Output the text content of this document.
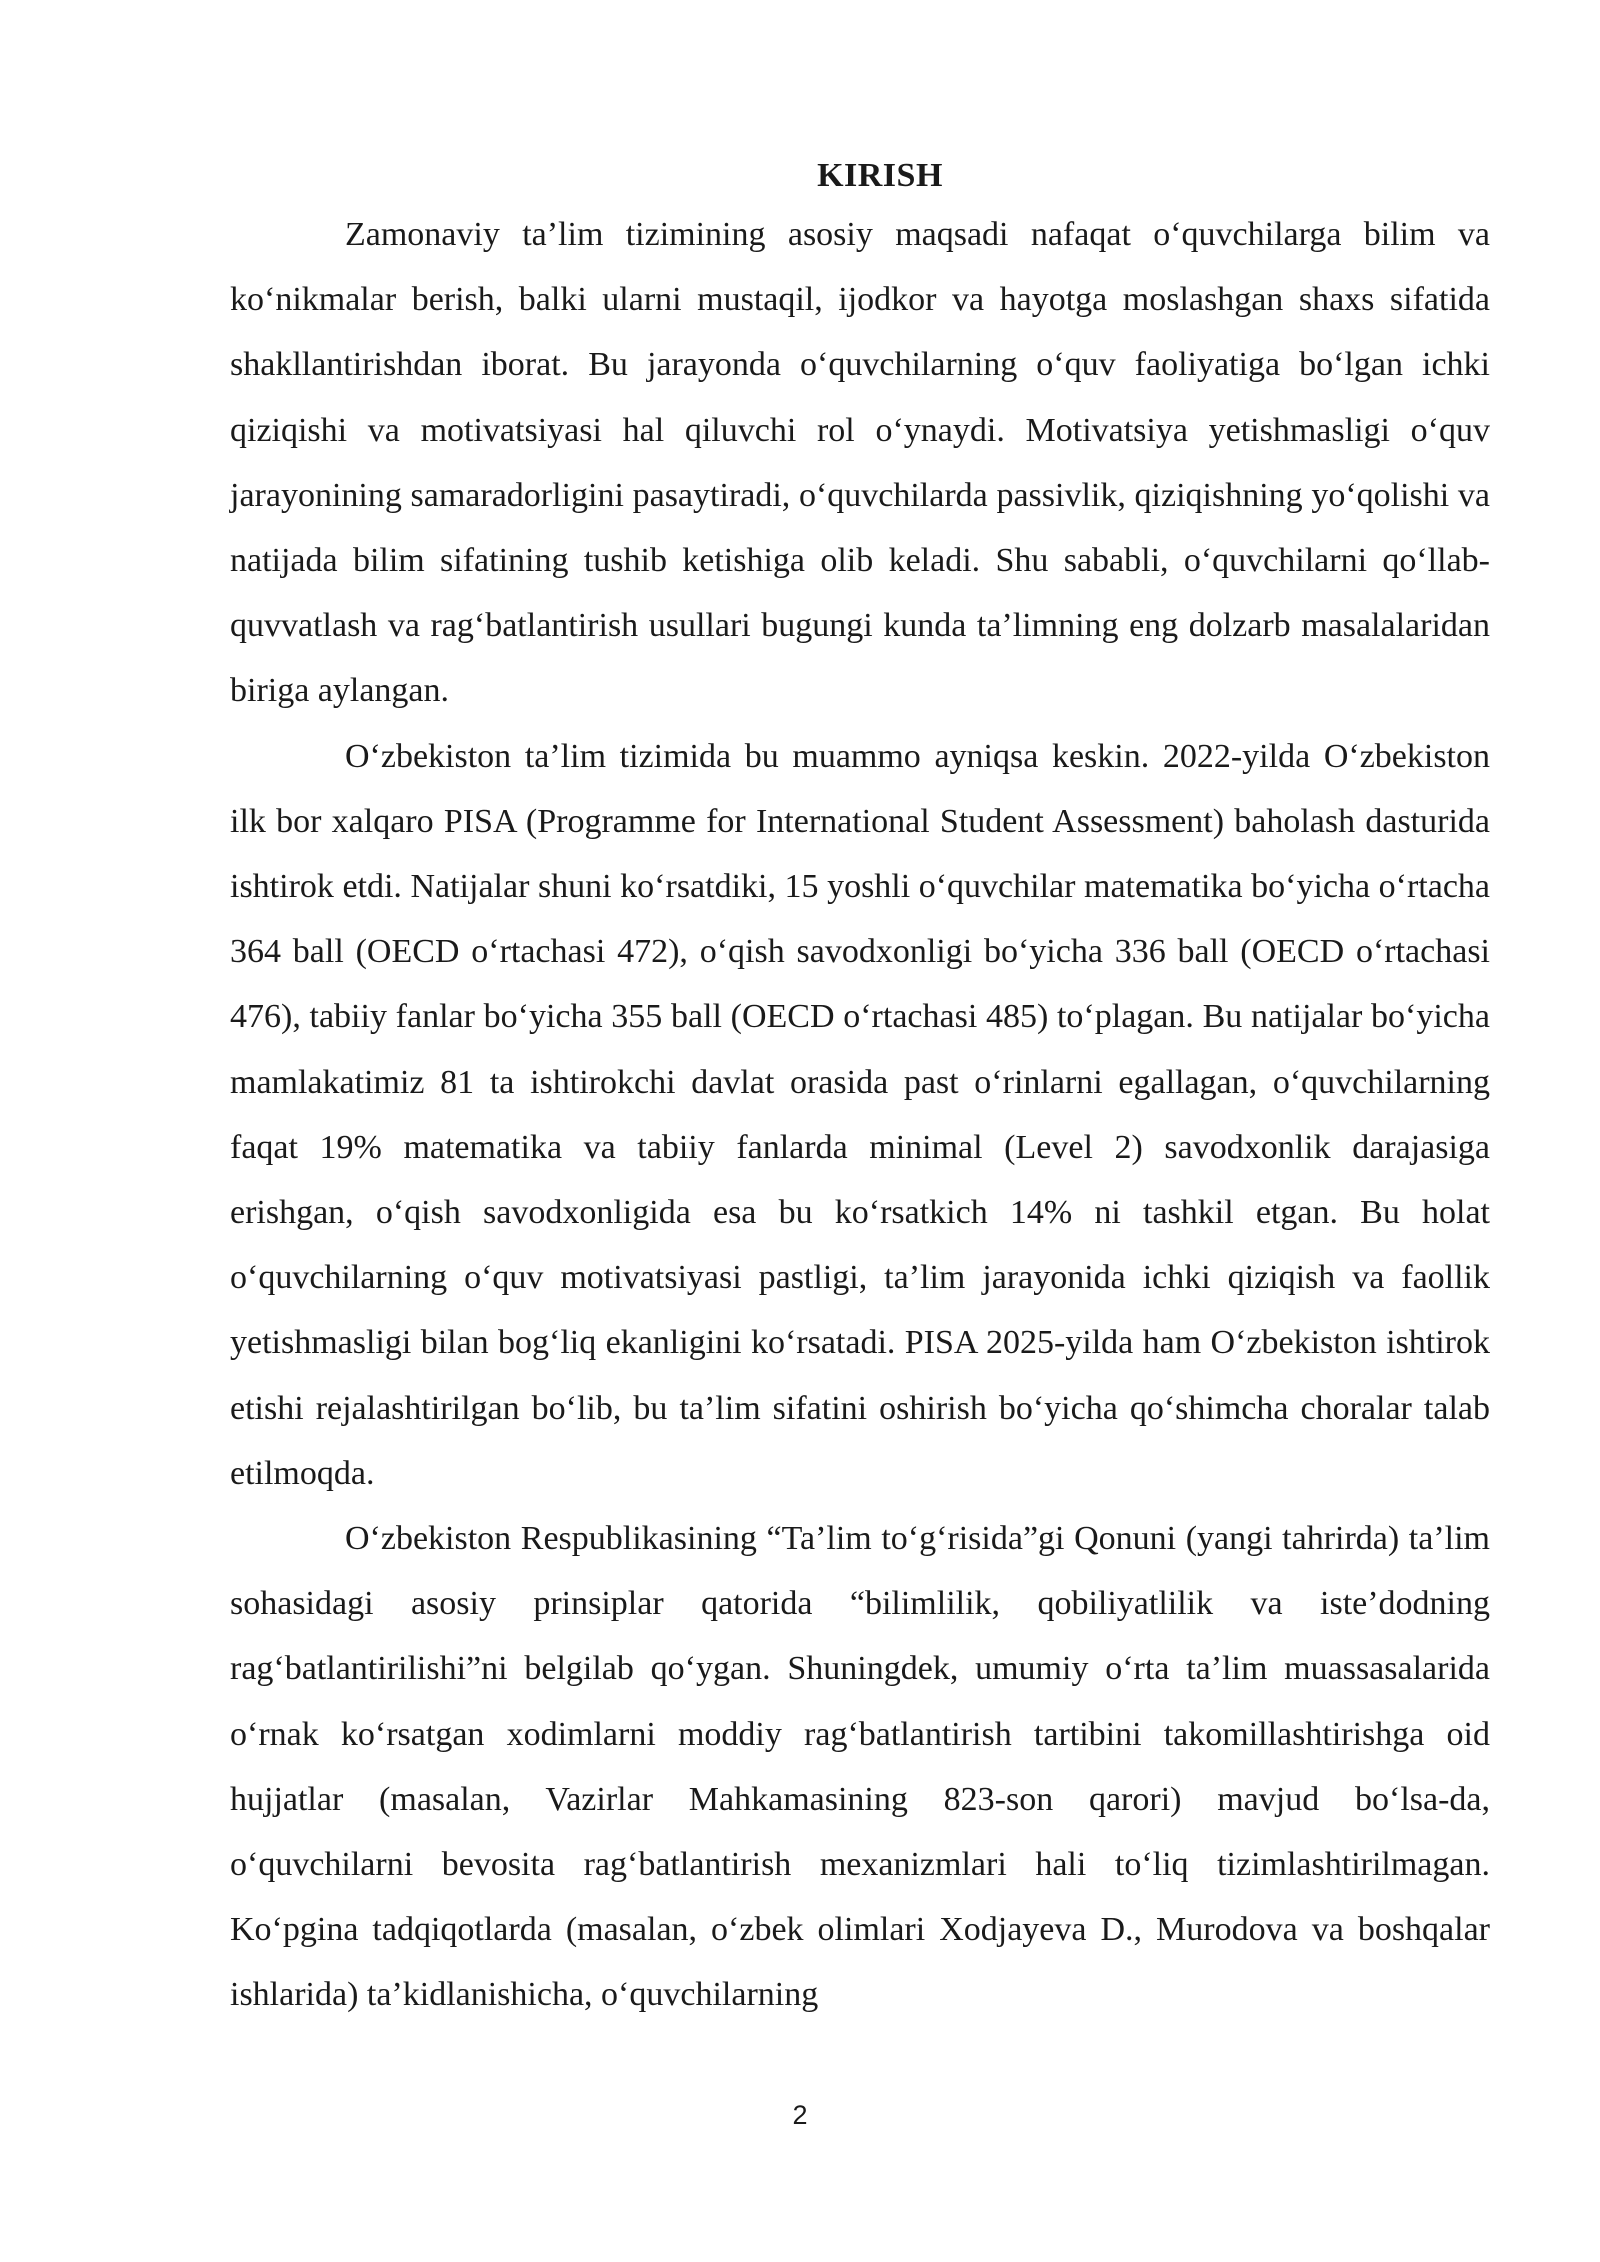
KIRISH

Zamonaviy ta’lim tizimining asosiy maqsadi nafaqat o‘quvchilarga bilim va ko‘nikmalar berish, balki ularni mustaqil, ijodkor va hayotga moslashgan shaxs sifatida shakllantirishdan iborat. Bu jarayonda o‘quvchilarning o‘quv faoliyatiga bo‘lgan ichki qiziqishi va motivatsiyasi hal qiluvchi rol o‘ynaydi. Motivatsiya yetishmasligi o‘quv jarayonining samaradorligini pasaytiradi, o‘quvchilarda passivlik, qiziqishning yo‘qolishi va natijada bilim sifatining tushib ketishiga olib keladi. Shu sababli, o‘quvchilarni qo‘llab-quvvatlash va rag‘batlantirish usullari bugungi kunda ta’limning eng dolzarb masalalaridan biriga aylangan.

O‘zbekiston ta’lim tizimida bu muammo ayniqsa keskin. 2022-yilda O‘zbekiston ilk bor xalqaro PISA (Programme for International Student Assessment) baholash dasturida ishtirok etdi. Natijalar shuni ko‘rsatdiki, 15 yoshli o‘quvchilar matematika bo‘yicha o‘rtacha 364 ball (OECD o‘rtachasi 472), o‘qish savodxonligi bo‘yicha 336 ball (OECD o‘rtachasi 476), tabiiy fanlar bo‘yicha 355 ball (OECD o‘rtachasi 485) to‘plagan. Bu natijalar bo‘yicha mamlakatimiz 81 ta ishtirokchi davlat orasida past o‘rinlarni egallagan, o‘quvchilarning faqat 19% matematika va tabiiy fanlarda minimal (Level 2) savodxonlik darajasiga erishgan, o‘qish savodxonligida esa bu ko‘rsatkich 14% ni tashkil etgan. Bu holat o‘quvchilarning o‘quv motivatsiyasi pastligi, ta’lim jarayonida ichki qiziqish va faollik yetishmasligi bilan bog‘liq ekanligini ko‘rsatadi. PISA 2025-yilda ham O‘zbekiston ishtirok etishi rejalashtirilgan bo‘lib, bu ta’lim sifatini oshirish bo‘yicha qo‘shimcha choralar talab etilmoqda.

O‘zbekiston Respublikasining “Ta’lim to‘g‘risida”gi Qonuni (yangi tahrirda) ta’lim sohasidagi asosiy prinsiplar qatorida “bilimlilik, qobiliyatlilik va iste’dodning rag‘batlantirilishi”ni belgilab qo‘ygan. Shuningdek, umumiy o‘rta ta’lim muassasalarida o‘rnak ko‘rsatgan xodimlarni moddiy rag‘batlantirish tartibini takomillashtirishga oid hujjatlar (masalan, Vazirlar Mahkamasining 823-son qarori) mavjud bo‘lsa-da, o‘quvchilarni bevosita rag‘batlantirish mexanizmlari hali to‘liq tizimlashtirilmagan. Ko‘pgina tadqiqotlarda (masalan, o‘zbek olimlari Xodjayeva D., Murodova va boshqalar ishlarida) ta’kidlanishicha, o‘quvchilarning

2
